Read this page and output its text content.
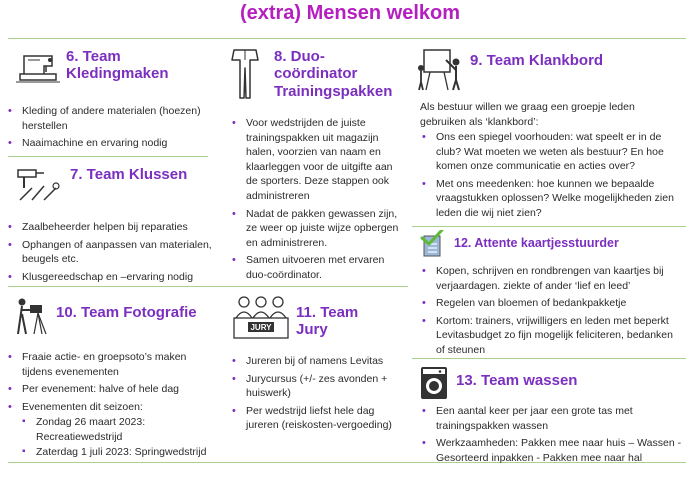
(extra) Mensen welkom
6. Team Kledingmaken
• Kleding of andere materialen (hoezen) herstellen
• Naaimachine en ervaring nodig
7. Team Klussen
• Zaalbeheerder helpen bij reparaties
• Ophangen of aanpassen van materialen, beugels etc.
• Klusgereedschap en –ervaring nodig
10. Team Fotografie
• Fraaie actie- en groepsoto’s maken tijdens evenementen
• Per evenement: halve of hele dag
• Evenementen dit seizoen:
▪ Zondag 26 maart 2023: Recreatiewedstrijd
▪ Zaterdag 1 juli 2023: Springwedstrijd
8. Duo-
coördinator
Trainingspakken
• Voor wedstrijden de juiste trainingspakken uit magazijn halen, voorzien van naam en klaarleggen voor de uitgifte aan de sporters. Deze stappen ook administreren
• Nadat de pakken gewassen zijn, ze weer op juiste wijze opbergen en administreren.
• Samen uitvoeren met ervaren duo-coördinator.
JURY
11. Team
Jury
• Jureren bij of namens Levitas
• Jurycursus (+/- zes avonden + huiswerk)
• Per wedstrijd liefst hele dag jureren (reiskosten-vergoeding)
9. Team Klankbord
Als bestuur willen we graag een groepje leden gebruiken als ‘klankbord’:
• Ons een spiegel voorhouden: wat speelt er in de club? Wat moeten we weten als bestuur? En hoe komen onze communicatie en acties over?
• Met ons meedenken: hoe kunnen we bepaalde vraagstukken oplossen? Welke mogelijkheden zien leden die wij niet zien?
12. Attente kaartjesstuurder
• Kopen, schrijven en rondbrengen van kaartjes bij verjaardagen. ziekte of ander ‘lief en leed’
• Regelen van bloemen of bedankpakketje
• Kortom: trainers, vrijwilligers en leden met beperkt Levitasbudget zo fijn mogelijk feliciteren, bedanken of steunen
13. Team wassen
• Een aantal keer per jaar een grote tas met trainingspakken wassen
• Werkzaamheden: Pakken mee naar huis – Wassen - Gesorteerd inpakken - Pakken mee naar hal
